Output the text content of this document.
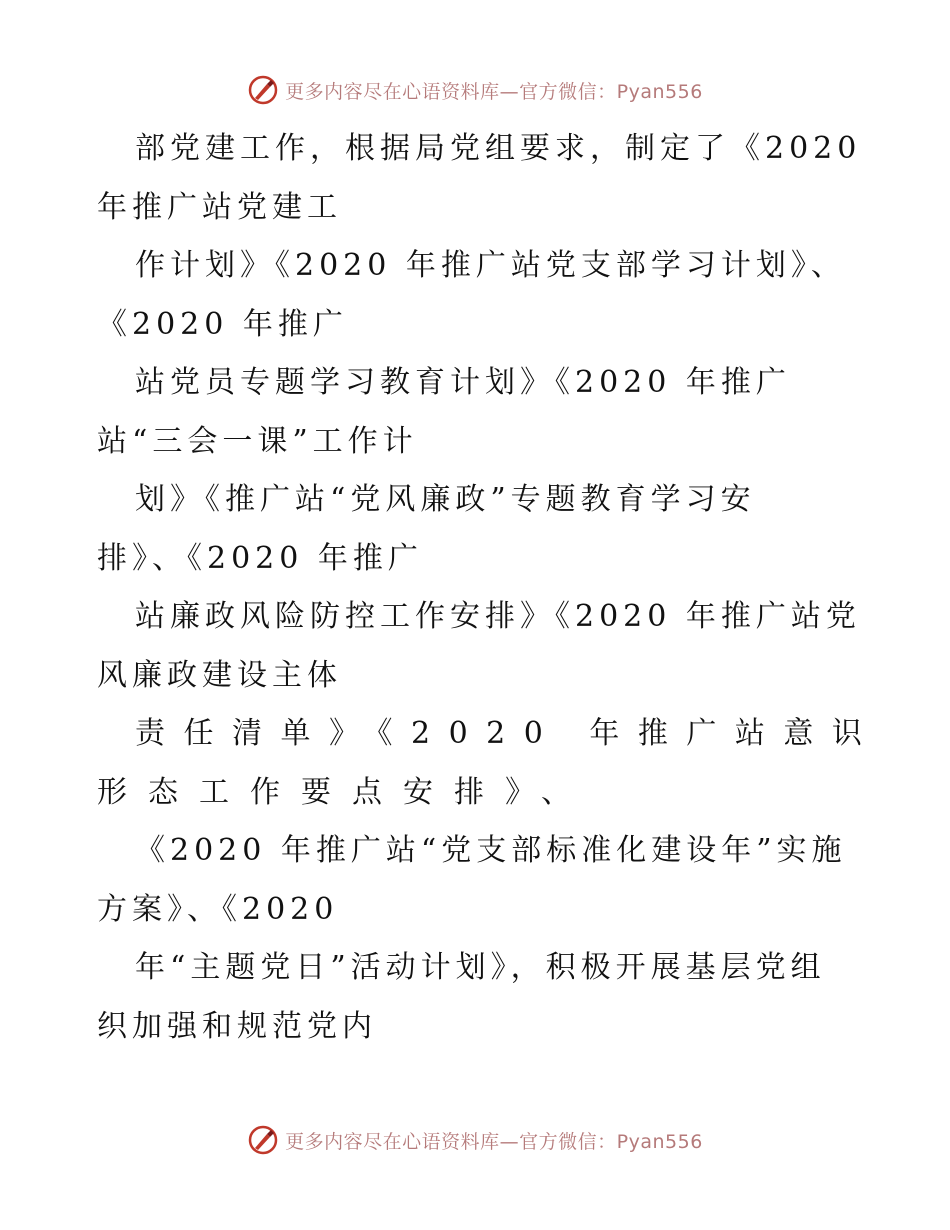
更多内容尽在心语资料库—官方微信：Pyan556
部党建工作，根据局党组要求，制定了《2020
年推广站党建工
作计划》《2020 年推广站党支部学习计划》、
《2020 年推广
站党员专题学习教育计划》《2020 年推广
站“三会一课”工作计
划》《推广站“党风廉政”专题教育学习安
排》、《2020 年推广
站廉政风险防控工作安排》《2020 年推广站党
风廉政建设主体
责任清单》《2020 年推广站意识
形态工作要点安排》、
《2020 年推广站“党支部标准化建设年”实施
方案》、《2020
年“主题党日”活动计划》，积极开展基层党组
织加强和规范党内
更多内容尽在心语资料库—官方微信：Pyan556
